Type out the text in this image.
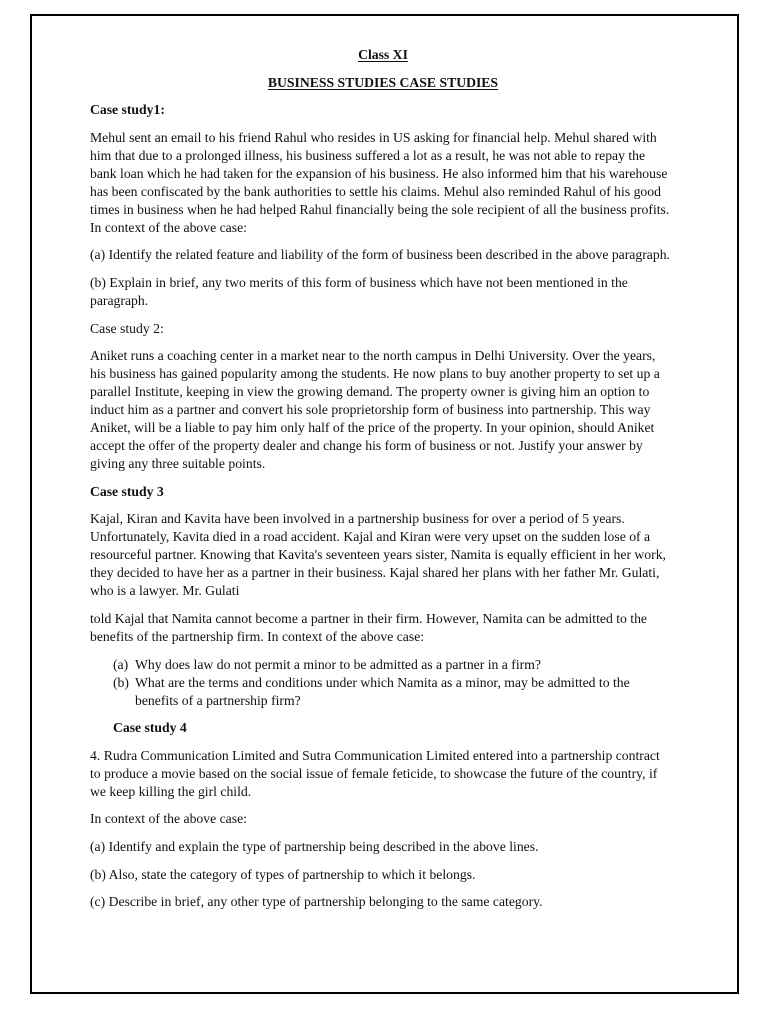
Class XI
BUSINESS STUDIES CASE STUDIES
Case study1:
Mehul sent an email to his friend Rahul who resides in US asking for financial help. Mehul shared with
him that due to a prolonged illness, his business suffered a lot as a result, he was not able to repay the
bank loan which he had taken for the expansion of his business. He also informed him that his warehouse
has been confiscated by the bank authorities to settle his claims. Mehul also reminded Rahul of his good
times in business when he had helped Rahul financially being the sole recipient of all the business profits.
In context of the above case:
(a) Identify the related feature and liability of the form of business been described in the above paragraph.
(b) Explain in brief, any two merits of this form of business which have not been mentioned in the
paragraph.
Case study 2:
Aniket runs a coaching center in a market near to the north campus in Delhi University. Over the years,
his business has gained popularity among the students. He now plans to buy another property to set up a
parallel Institute, keeping in view the growing demand. The property owner is giving him an option to
induct him as a partner and convert his sole proprietorship form of business into partnership. This way
Aniket, will be a liable to pay him only half of the price of the property. In your opinion, should Aniket
accept the offer of the property dealer and change his form of business or not. Justify your answer by
giving any three suitable points.
Case study 3
Kajal, Kiran and Kavita have been involved in a partnership business for over a period of 5 years.
Unfortunately, Kavita died in a road accident. Kajal and Kiran were very upset on the sudden lose of a
resourceful partner. Knowing that Kavita's seventeen years sister, Namita is equally efficient in her work,
they decided to have her as a partner in their business. Kajal shared her plans with her father Mr. Gulati,
who is a lawyer. Mr. Gulati
told Kajal that Namita cannot become a partner in their firm. However, Namita can be admitted to the
benefits of the partnership firm. In context of the above case:
(a) Why does law do not permit a minor to be admitted as a partner in a firm?
(b) What are the terms and conditions under which Namita as a minor, may be admitted to the
benefits of a partnership firm?
Case study 4
4. Rudra Communication Limited and Sutra Communication Limited entered into a partnership contract
to produce a movie based on the social issue of female feticide, to showcase the future of the country, if
we keep killing the girl child.
In context of the above case:
(a) Identify and explain the type of partnership being described in the above lines.
(b) Also, state the category of types of partnership to which it belongs.
(c) Describe in brief, any other type of partnership belonging to the same category.
